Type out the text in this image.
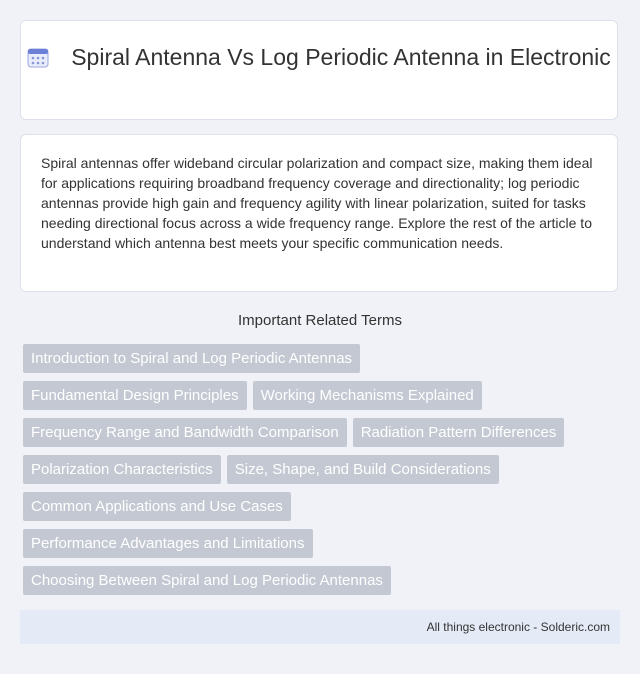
Spiral Antenna Vs Log Periodic Antenna in Electronic

Spiral antennas offer wideband circular polarization and compact size, making them ideal for applications requiring broadband frequency coverage and directionality; log periodic antennas provide high gain and frequency agility with linear polarization, suited for tasks needing directional focus across a wide frequency range. Explore the rest of the article to understand which antenna best meets your specific communication needs.

Important Related Terms
Introduction to Spiral and Log Periodic Antennas
Fundamental Design Principles Working Mechanisms Explained
Frequency Range and Bandwidth Comparison Radiation Pattern Differences
Polarization Characteristics Size, Shape, and Build Considerations
Common Applications and Use Cases
Performance Advantages and Limitations
Choosing Between Spiral and Log Periodic Antennas
All things electronic - Solderic.com
